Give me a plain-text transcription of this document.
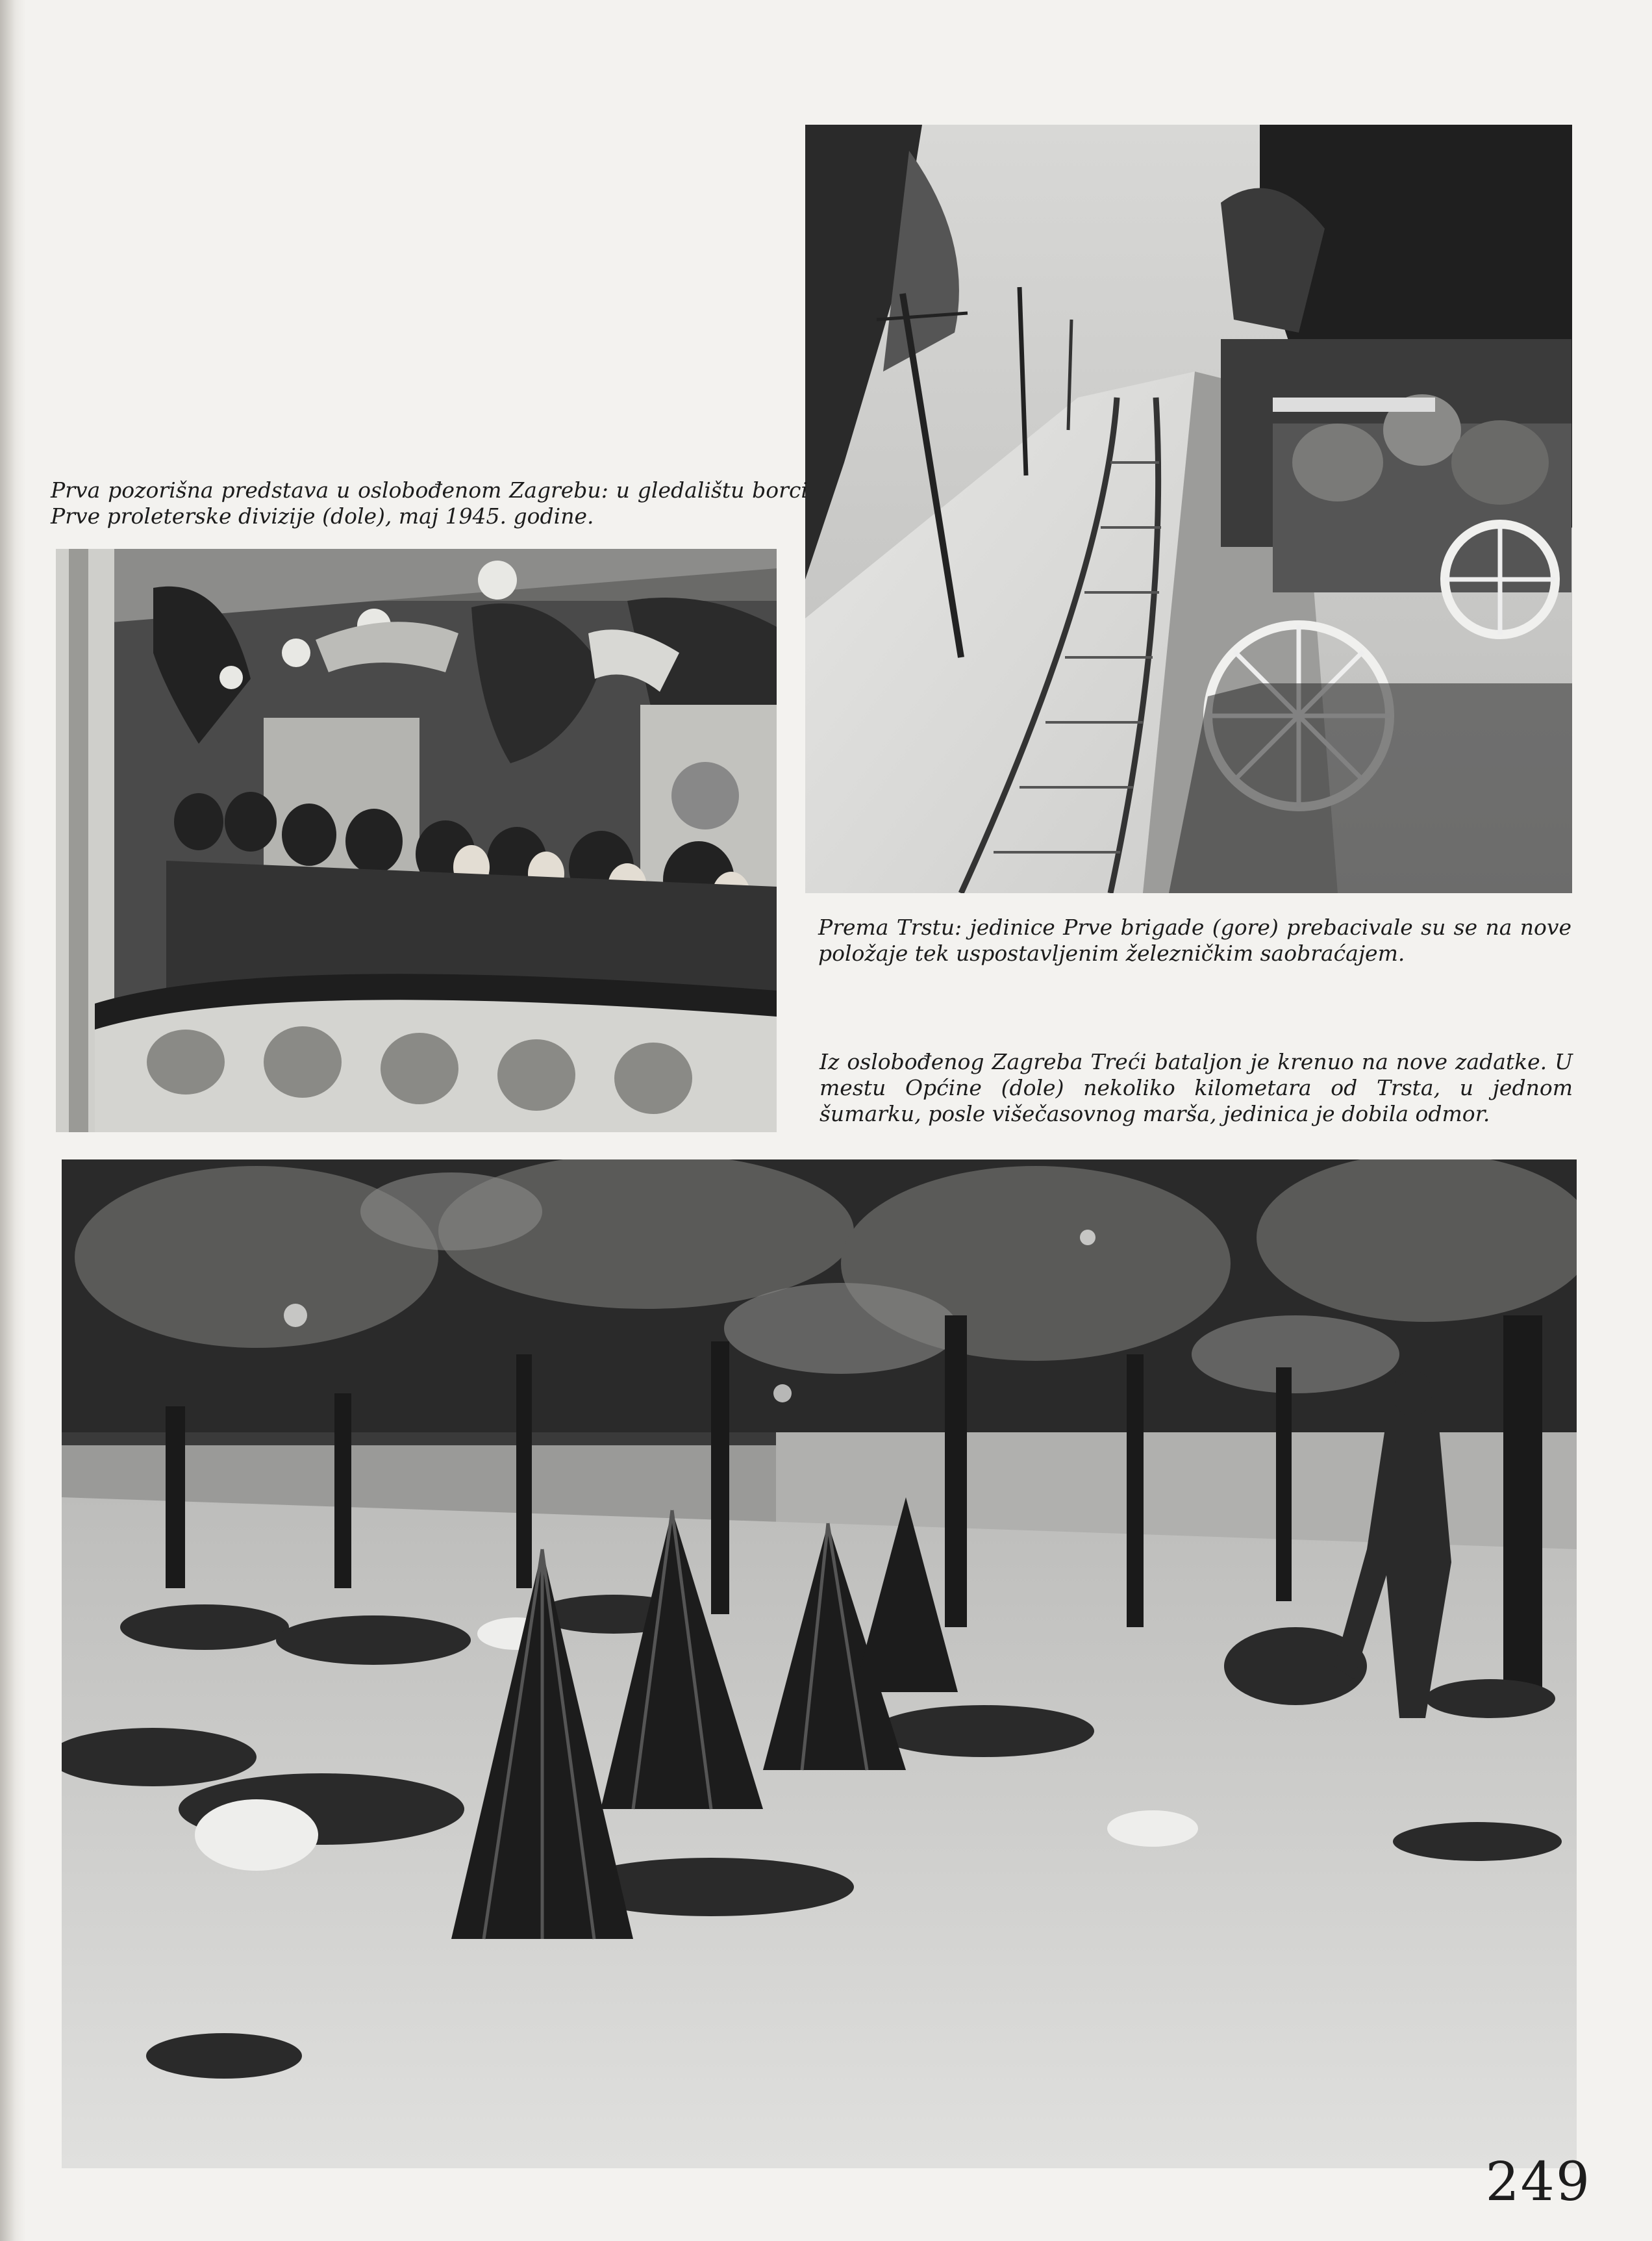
Prva pozorišna predstava u oslobođenom Zagrebu: u gledalištu borci Prve proleterske divizije (dole), maj 1945. godine.

Prema Trstu: jedinice Prve brigade (gore) prebacivale su se na nove položaje tek uspostavljenim železničkim saobraćajem.

Iz oslobođenog Zagreba Treći bataljon je krenuo na nove zadatke. U mestu Općine (dole) nekoliko kilometara od Trsta, u jednom šumarku, posle višečasovnog marša, jedinica je dobila odmor.

249
